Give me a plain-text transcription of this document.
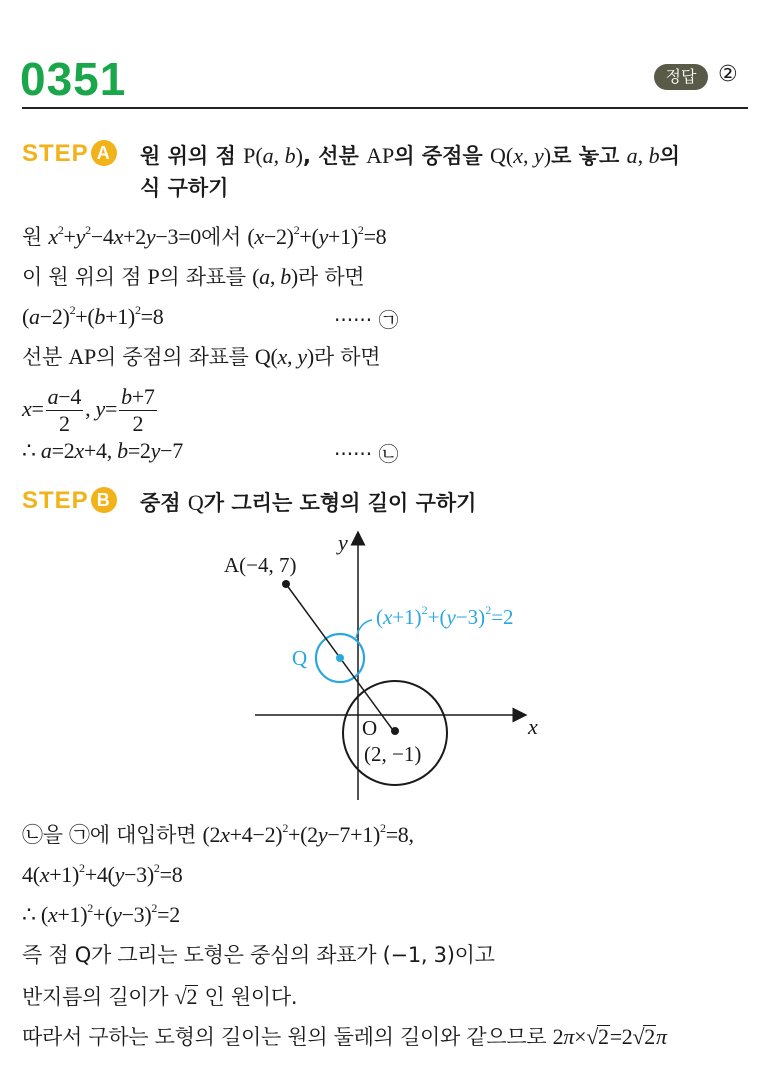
0351	정답 ②
STEP A 원 위의 점 P(a, b), 선분 AP의 중점을 Q(x, y)로 놓고 a, b의
식 구하기
원 $x^2+y^2-4x+2y-3=0$에서 $(x-2)^2+(y+1)^2=8$
이 원 위의 점 P의 좌표를 (a, b)라 하면
$(a-2)^2+(b+1)^2=8$	······ ㉠
선분 AP의 중점의 좌표를 Q(x, y)라 하면
$x= \frac{a-4}{2}$ , $y= \frac{b+7}{2}$
∴ a=2x+4, b=2y−7	······ ㉡
STEP B 중점 Q가 그리는 도형의 길이 구하기
A(−4, 7)
y
$(x+1)^2+(y-3)^2=2$
Q
x
O
(2, −1)
㉡을 ㉠에 대입하면 $(2x+4-2)^2+(2y-7+1)^2=8$,
$4(x+1)^2+4(y-3)^2=8$
∴ $(x+1)^2+(y-3)^2=2$
즉 점 Q가 그리는 도형은 중심의 좌표가 (−1, 3)이고
반지름의 길이가 √2 인 원이다.
따라서 구하는 도형의 길이는 원의 둘레의 길이와 같으므로 2π×√2=2√2π
